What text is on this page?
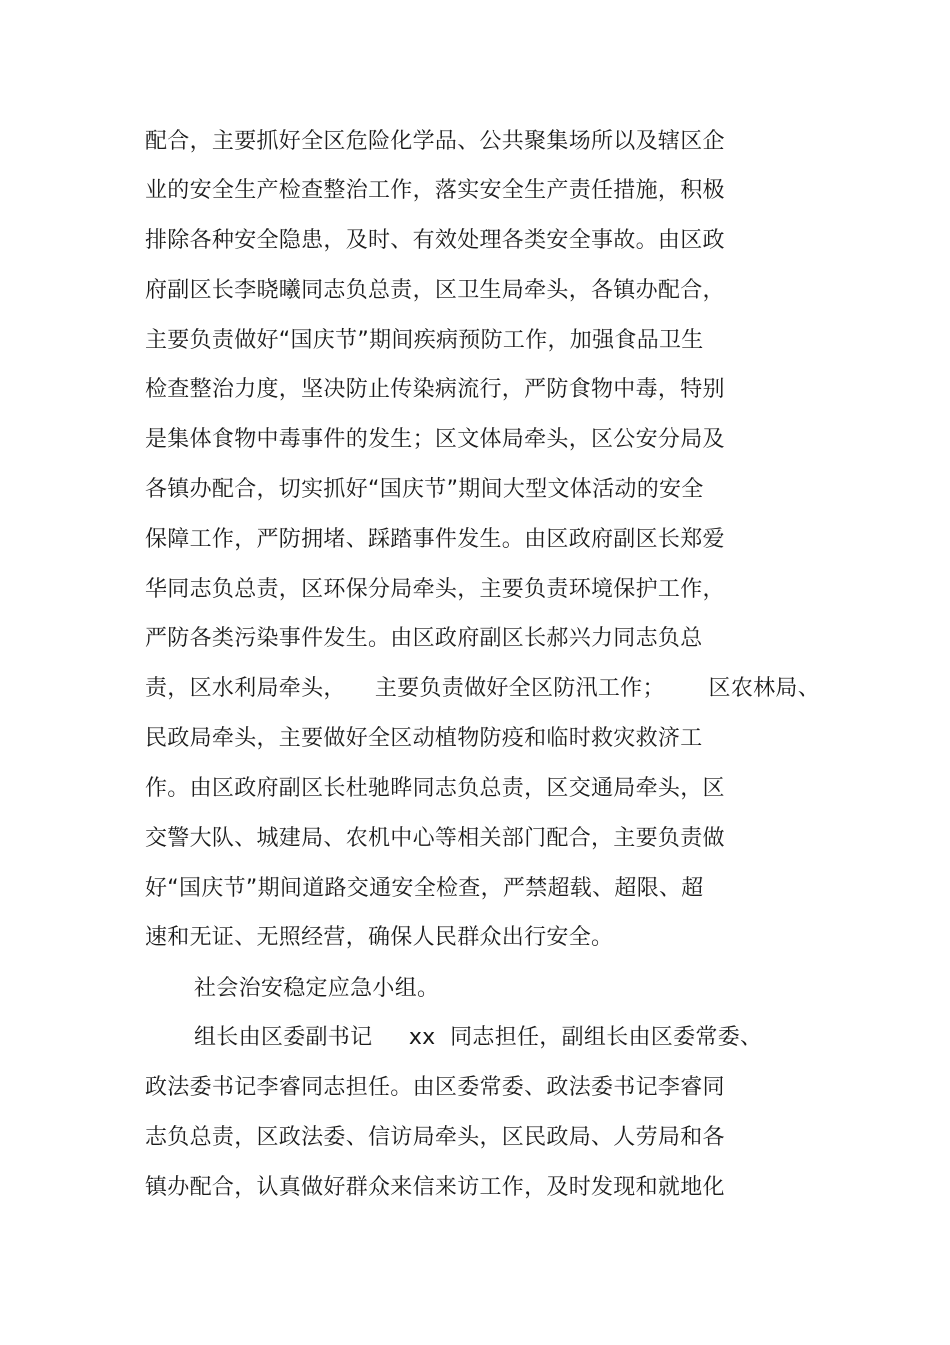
配合，主要抓好全区危险化学品、公共聚集场所以及辖区企
业的安全生产检查整治工作，落实安全生产责任措施，积极
排除各种安全隐患，及时、有效处理各类安全事故。由区政
府副区长李晓曦同志负总责，区卫生局牵头，各镇办配合，
主要负责做好“国庆节”期间疾病预防工作，加强食品卫生
检查整治力度，坚决防止传染病流行，严防食物中毒，特别
是集体食物中毒事件的发生；区文体局牵头，区公安分局及
各镇办配合，切实抓好“国庆节”期间大型文体活动的安全
保障工作，严防拥堵、踩踏事件发生。由区政府副区长郑爱
华同志负总责，区环保分局牵头，主要负责环境保护工作，
严防各类污染事件发生。由区政府副区长郝兴力同志负总
责，区水利局牵头，    主要负责做好全区防汛工作；      区农林局、
民政局牵头，主要做好全区动植物防疫和临时救灾救济工
作。由区政府副区长杜驰晔同志负总责，区交通局牵头，区
交警大队、城建局、农机中心等相关部门配合，主要负责做
好“国庆节”期间道路交通安全检查，严禁超载、超限、超
速和无证、无照经营，确保人民群众出行安全。
社会治安稳定应急小组。
组长由区委副书记     xx  同志担任，副组长由区委常委、
政法委书记李睿同志担任。由区委常委、政法委书记李睿同
志负总责，区政法委、信访局牵头，区民政局、人劳局和各
镇办配合，认真做好群众来信来访工作，及时发现和就地化
